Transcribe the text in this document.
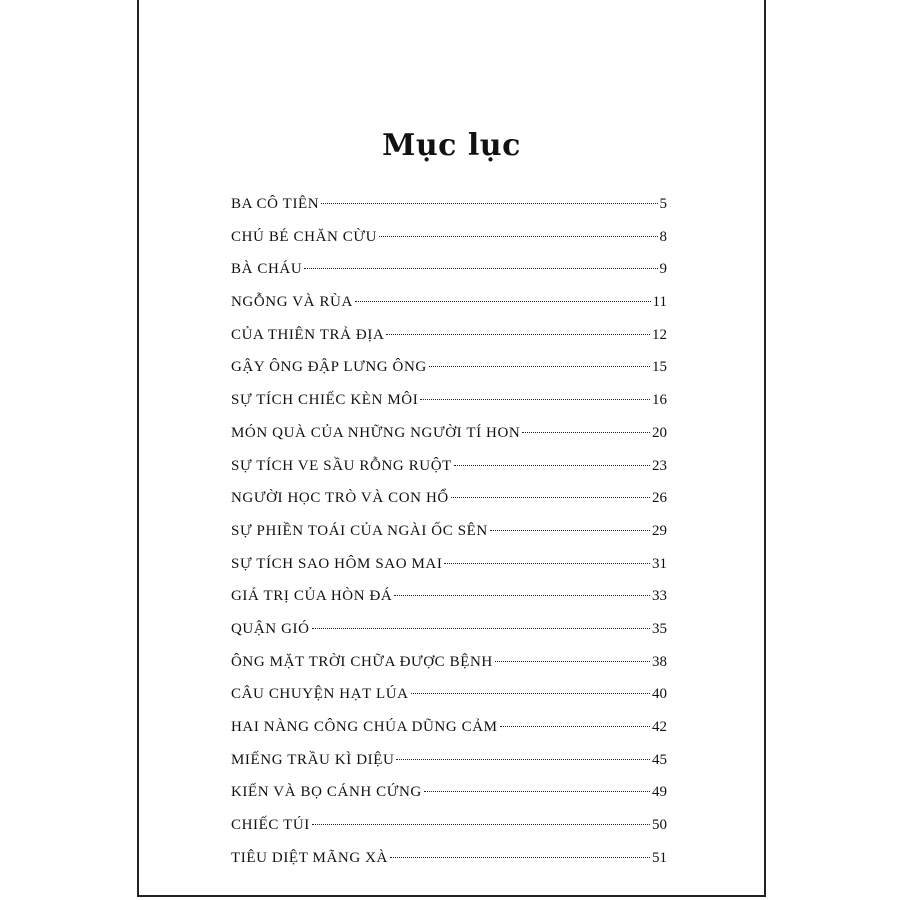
Mục lục
BA CÔ TIÊN	5
CHÚ BÉ CHĂN CỪU	8
BÀ CHÁU	9
NGỖNG VÀ RÙA	11
CỦA THIÊN TRẢ ĐỊA	12
GẬY ÔNG ĐẬP LƯNG ÔNG	15
SỰ TÍCH CHIẾC KÈN MÔI	16
MÓN QUÀ CỦA NHỮNG NGƯỜI TÍ HON	20
SỰ TÍCH VE SẦU RỖNG RUỘT	23
NGƯỜI HỌC TRÒ VÀ CON HỔ	26
SỰ PHIỀN TOÁI CỦA NGÀI ỐC SÊN	29
SỰ TÍCH SAO HÔM SAO MAI	31
GIÁ TRỊ CỦA HÒN ĐÁ	33
QUẬN GIÓ	35
ÔNG MẶT TRỜI CHỮA ĐƯỢC BỆNH	38
CÂU CHUYỆN HẠT LÚA	40
HAI NÀNG CÔNG CHÚA DŨNG CẢM	42
MIẾNG TRẦU KÌ DIỆU	45
KIẾN VÀ BỌ CÁNH CỨNG	49
CHIẾC TÚI	50
TIÊU DIỆT MÃNG XÀ	51
